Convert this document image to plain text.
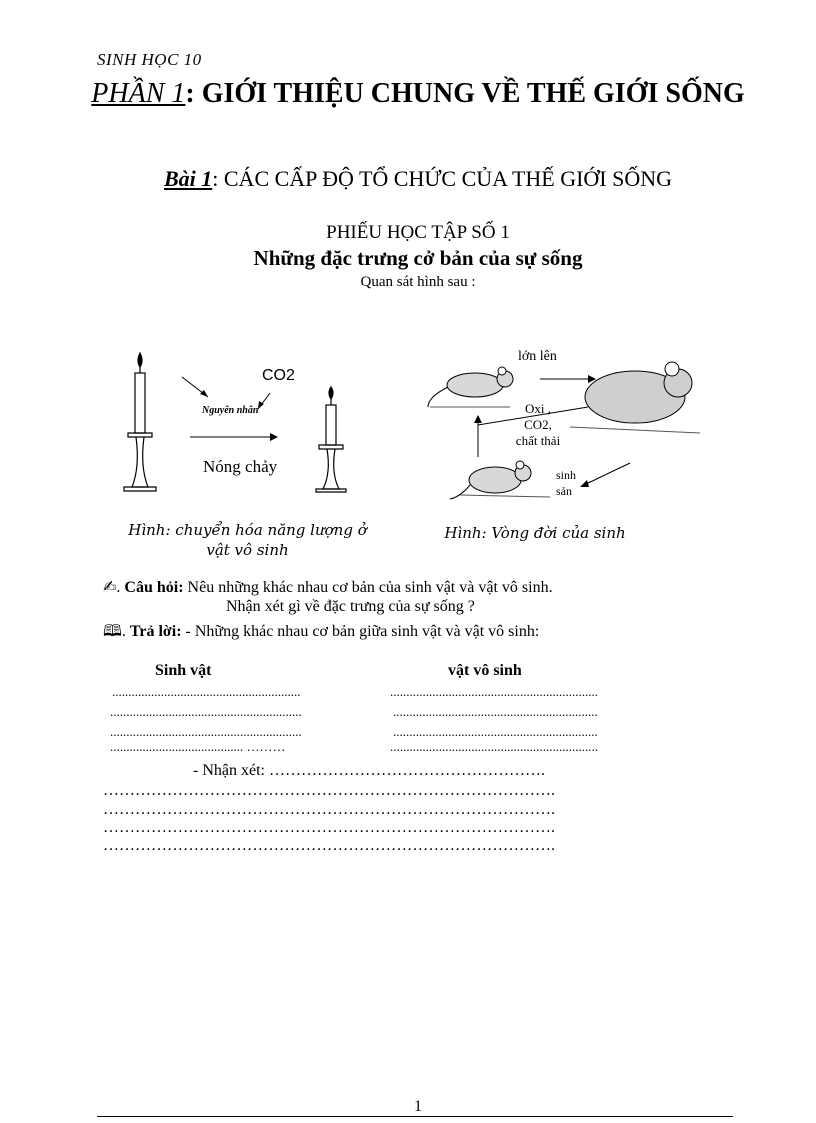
SINH HỌC 10
PHẦN 1: GIỚI THIỆU CHUNG VỀ THẾ GIỚI SỐNG
Bài 1: CÁC CẤP ĐỘ TỔ CHỨC CỦA THẾ GIỚI SỐNG
PHIẾU HỌC TẬP SỐ 1
Những đặc trưng cở bản của sự sống
Quan sát hình sau :
CO2
Nguyên nhân
Nóng chảy
Hình: chuyển hóa năng lượng ở vật vô sinh
lớn lên
Oxi ,
CO2,
chất thải
sinh
sản
Hình: Vòng đời của sinh
✍. Câu hỏi: Nêu những khác nhau cơ bản của sinh vật và vật vô sinh.
Nhận xét gì về đặc trưng của sự sống ?
🕮. Trả lời: - Những khác nhau cơ bản giữa sinh vật và vật vô sinh:
Sinh vật	vật vô sinh
..........................................................
...........................................................
...........................................................
......................................... ………
................................................................
...............................................................
...............................................................
................................................................
- Nhận xét: …………………………………………….
………………………………………………………………………….
………………………………………………………………………….
………………………………………………………………………….
………………………………………………………………………….
1
